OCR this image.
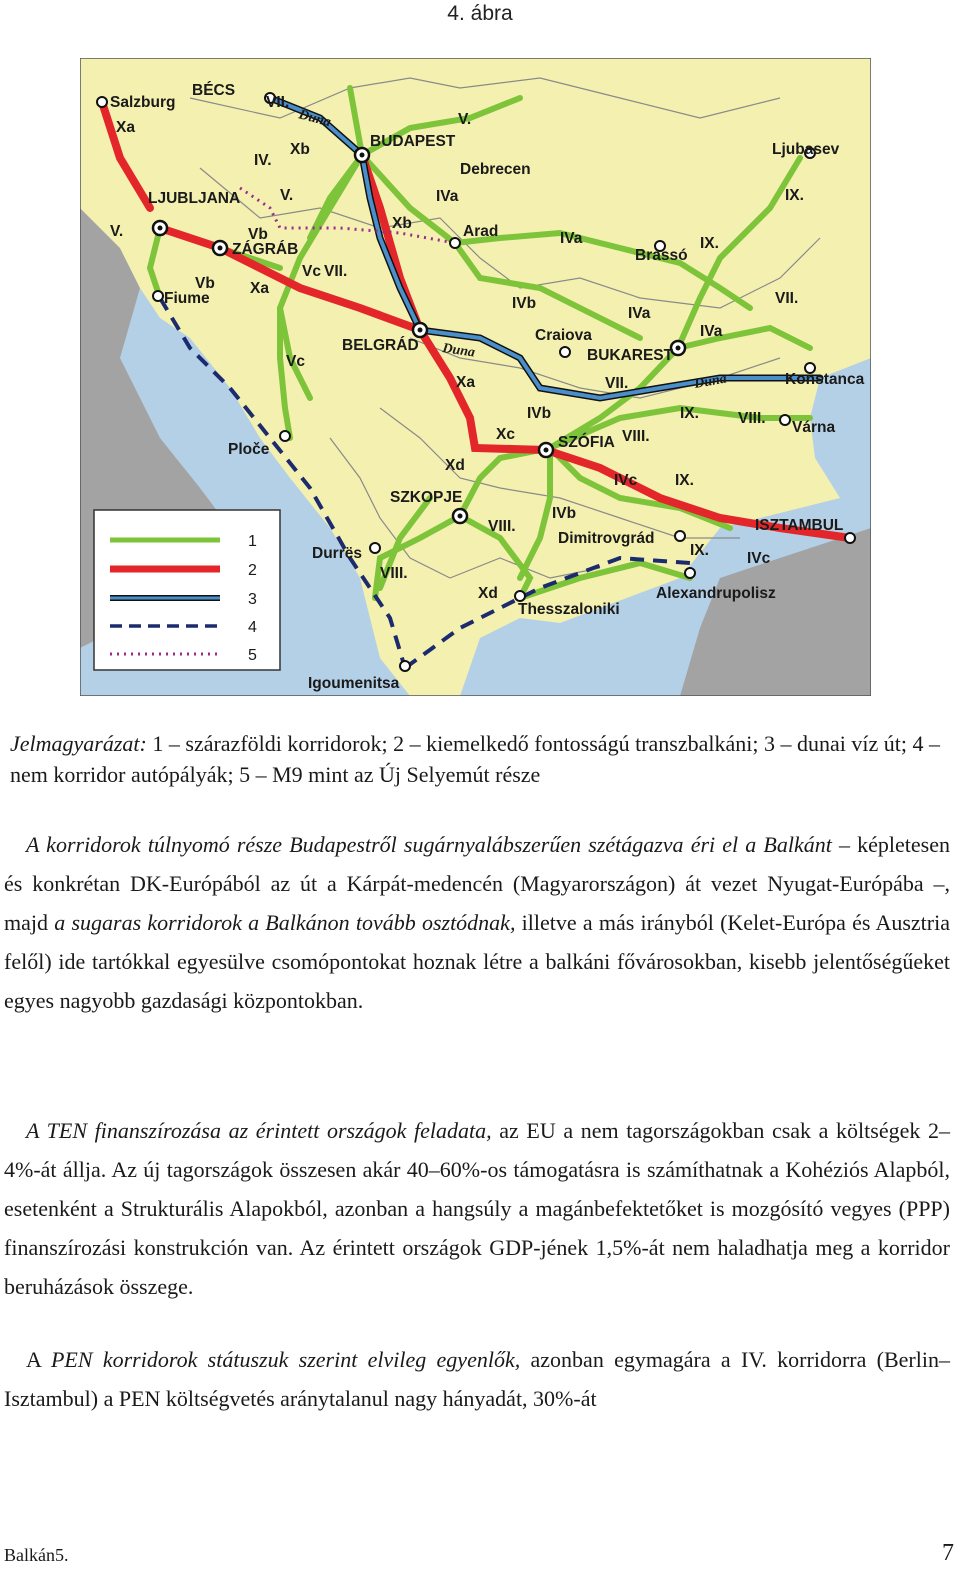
4. ábra
Salzburg
BÉCS
BUDAPEST
Debrecen
LJUBLJANA
ZÁGRÁB
Fiume
Arad
BELGRÁD
Craiova
Brassó
BUKAREST
Konstanca
Várna
SZÓFIA
Ploče
SZKOPJE
Durrës
Dimitrovgrád
ISZTAMBUL
Alexandrupolisz
Thesszaloniki
Igoumenitsa
Ljubasev
Xa
VII.
Xb
IV.
V.
V.
Vb
Xb
Vc VII.
Vb Xa
Vc
IVa
IVa	IX.
IX.
VII.
IVb
IVa
IVa
Xa	VII.
IX.	VIII.
Xc
Xd
IVb
VIII.
IVc IX.
IVb
VIII.
IX. IVc
VIII.
Xd
V.
Duna
Duna
Duna
1
2
3
4
5
Jelmagyarázat: 1 – szárazföldi korridorok; 2 – kiemelkedő fontosságú transzbalkáni; 3 – dunai víz út; 4 – nem korridor autópályák; 5 – M9 mint az Új Selyemút része
A korridorok túlnyomó része Budapestről sugárnyalábszerűen szétágazva éri el a Balkánt – képletesen és konkrétan DK-Európából az út a Kárpát-medencén (Magyarországon) át vezet Nyugat-Európába –, majd a sugaras korridorok a Balkánon tovább osztódnak, illetve a más irányból (Kelet-Európa és Ausztria felől) ide tartókkal egyesülve csomópontokat hoznak létre a balkáni fővárosokban, kisebb jelentőségűeket egyes nagyobb gazdasági központokban.
A TEN finanszírozása az érintett országok feladata, az EU a nem tagországokban csak a költségek 2–4%-át állja. Az új tagországok összesen akár 40–60%-os támogatásra is számíthatnak a Kohéziós Alapból, esetenként a Strukturális Alapokból, azonban a hangsúly a magánbefektetőket is mozgósító vegyes (PPP) finanszírozási konstrukción van. Az érintett országok GDP-jének 1,5%-át nem haladhatja meg a korridor beruházások összege.
A PEN korridorok státuszuk szerint elvileg egyenlők, azonban egymagára a IV. korridorra (Berlin–Isztambul) a PEN költségvetés aránytalanul nagy hányadát, 30%-át
Balkán5.	7
